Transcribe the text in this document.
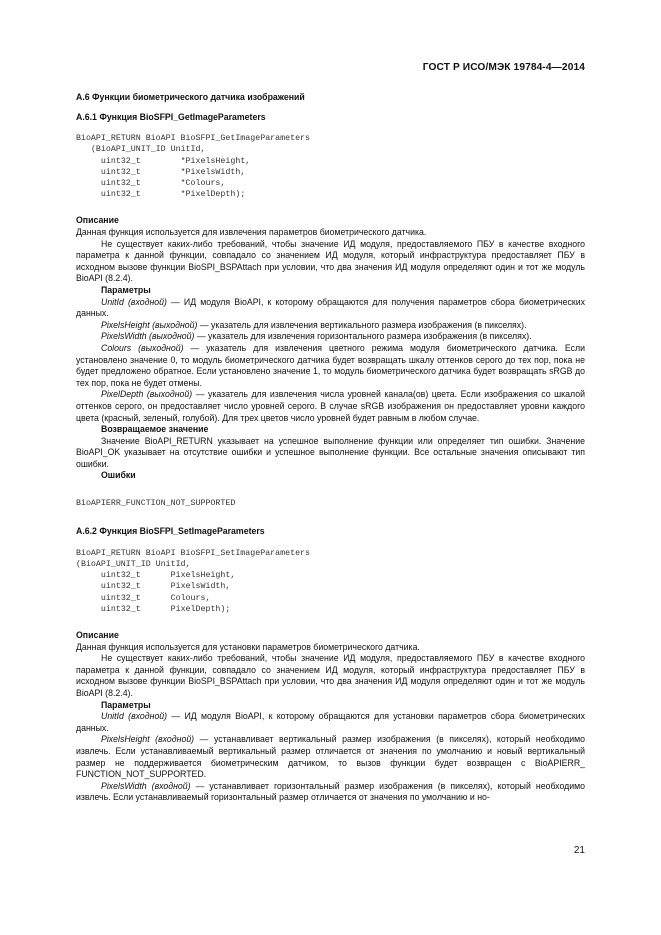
ГОСТ Р ИСО/МЭК 19784-4—2014
A.6 Функции биометрического датчика изображений
A.6.1 Функция BioSFPI_GetImageParameters
BioAPI_RETURN BioAPI BioSFPI_GetImageParameters
(BioAPI_UNIT_ID UnitId,
uint32_t        *PixelsHeight,
uint32_t        *PixelsWidth,
uint32_t        *Colours,
uint32_t        *PixelDepth);
Описание

Данная функция используется для извлечения параметров биометрического датчика.

Не существует каких-либо требований, чтобы значение ИД модуля, предоставляемого ПБУ в качестве входного параметра к данной функции, совпадало со значением ИД модуля, который инфраструктура предоставляет ПБУ в исходном вызове функции BioSPI_BSPAttach при условии, что два значения ИД модуля определяют один и тот же модуль BioAPI (8.2.4).

Параметры

UnitId (входной) — ИД модуля BioAPI, к которому обращаются для получения параметров сбора биометрических данных.

PixelsHeight (выходной) — указатель для извлечения вертикального размера изображения (в пикселях).

PixelsWidth (выходной) — указатель для извлечения горизонтального размера изображения (в пикселях).

Colours (выходной) — указатель для извлечения цветного режима модуля биометрического датчика. Если установлено значение 0, то модуль биометрического датчика будет возвращать шкалу оттенков серого до тех пор, пока не будет предложено обратное. Если установлено значение 1, то модуль биометрического датчика будет возвращать sRGB до тех пор, пока не будет отмены.

PixelDepth (выходной) — указатель для извлечения числа уровней канала(ов) цвета. Если изображения со шкалой оттенков серого, он предоставляет число уровней серого. В случае sRGB изображения он предоставляет уровни каждого цвета (красный, зеленый, голубой). Для трех цветов число уровней будет равным в любом случае.

Возвращаемое значение

Значение BioAPI_RETURN указывает на успешное выполнение функции или определяет тип ошибки. Значение BioAPI_OK указывает на отсутствие ошибки и успешное выполнение функции. Все остальные значения описывают тип ошибки.

Ошибки
BioAPIERR_FUNCTION_NOT_SUPPORTED
A.6.2 Функция BioSFPI_SetImageParameters
BioAPI_RETURN BioAPI BioSFPI_SetImageParameters
(BioAPI_UNIT_ID UnitId,
uint32_t      PixelsHeight,
uint32_t      PixelsWidth,
uint32_t      Colours,
uint32_t      PixelDepth);
Описание

Данная функция используется для установки параметров биометрического датчика.

Не существует каких-либо требований, чтобы значение ИД модуля, предоставляемого ПБУ в качестве входного параметра к данной функции, совпадало со значением ИД модуля, который инфраструктура предоставляет ПБУ в исходном вызове функции BioSPI_BSPAttach при условии, что два значения ИД модуля определяют один и тот же модуль BioAPI (8.2.4).

Параметры

UnitId (входной) — ИД модуля BioAPI, к которому обращаются для установки параметров сбора биометрических данных.

PixelsHeight (входной) — устанавливает вертикальный размер изображения (в пикселях), который необходимо извлечь. Если устанавливаемый вертикальный размер отличается от значения по умолчанию и новый вертикальный размер не поддерживается биометрическим датчиком, то вызов функции будет возвращен с BioAPIERR_ FUNCTION_NOT_SUPPORTED.

PixelsWidth (входной) — устанавливает горизонтальный размер изображения (в пикселях), который необходимо извлечь. Если устанавливаемый горизонтальный размер отличается от значения по умолчанию и но-

21
